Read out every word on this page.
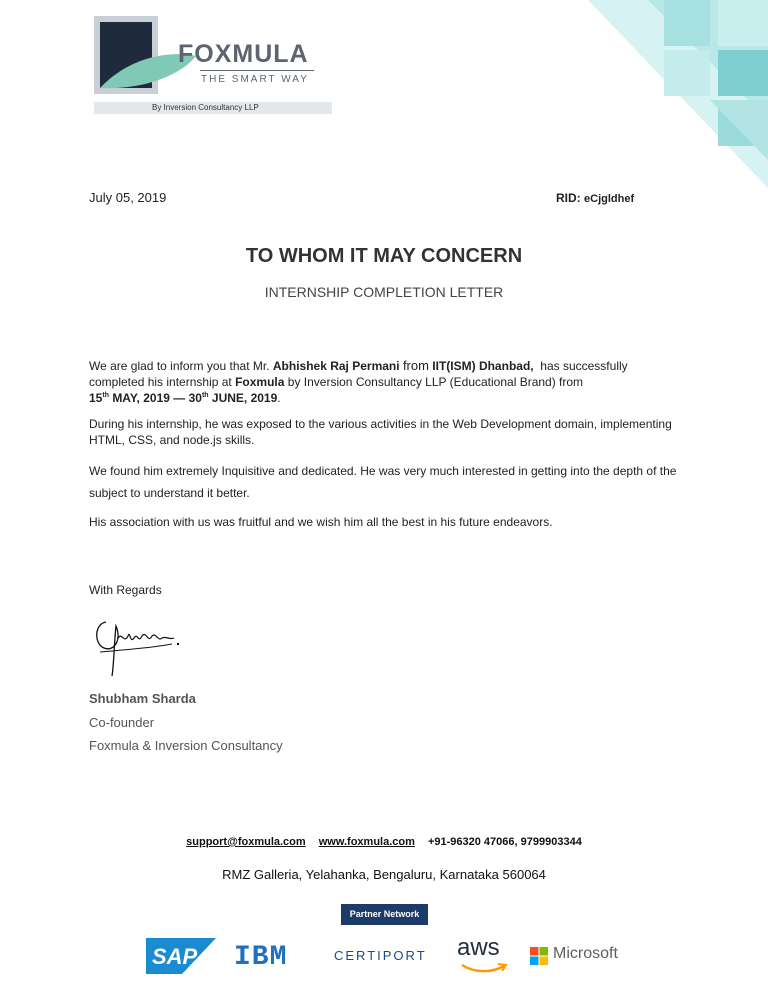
FOXMULA
THE SMART WAY
By Inversion Consultancy LLP
July 05, 2019	RID: eCjgldhef
TO WHOM IT MAY CONCERN
INTERNSHIP COMPLETION LETTER
We are glad to inform you that Mr. Abhishek Raj Permani from IIT(ISM) Dhanbad, has successfully completed his internship at Foxmula by Inversion Consultancy LLP (Educational Brand) from
15th MAY, 2019 — 30th JUNE, 2019.
During his internship, he was exposed to the various activities in the Web Development domain, implementing HTML, CSS, and node.js skills.
We found him extremely Inquisitive and dedicated. He was very much interested in getting into the depth of the subject to understand it better.
His association with us was fruitful and we wish him all the best in his future endeavors.
With Regards
Shubham Sharda
Co-founder
Foxmula & Inversion Consultancy
support@foxmula.com www.foxmula.com +91-96320 47066, 9799903344
RMZ Galleria, Yelahanka, Bengaluru, Karnataka 560064
Partner Network
SAP IBM	CERTIPORT aws	Microsoft
